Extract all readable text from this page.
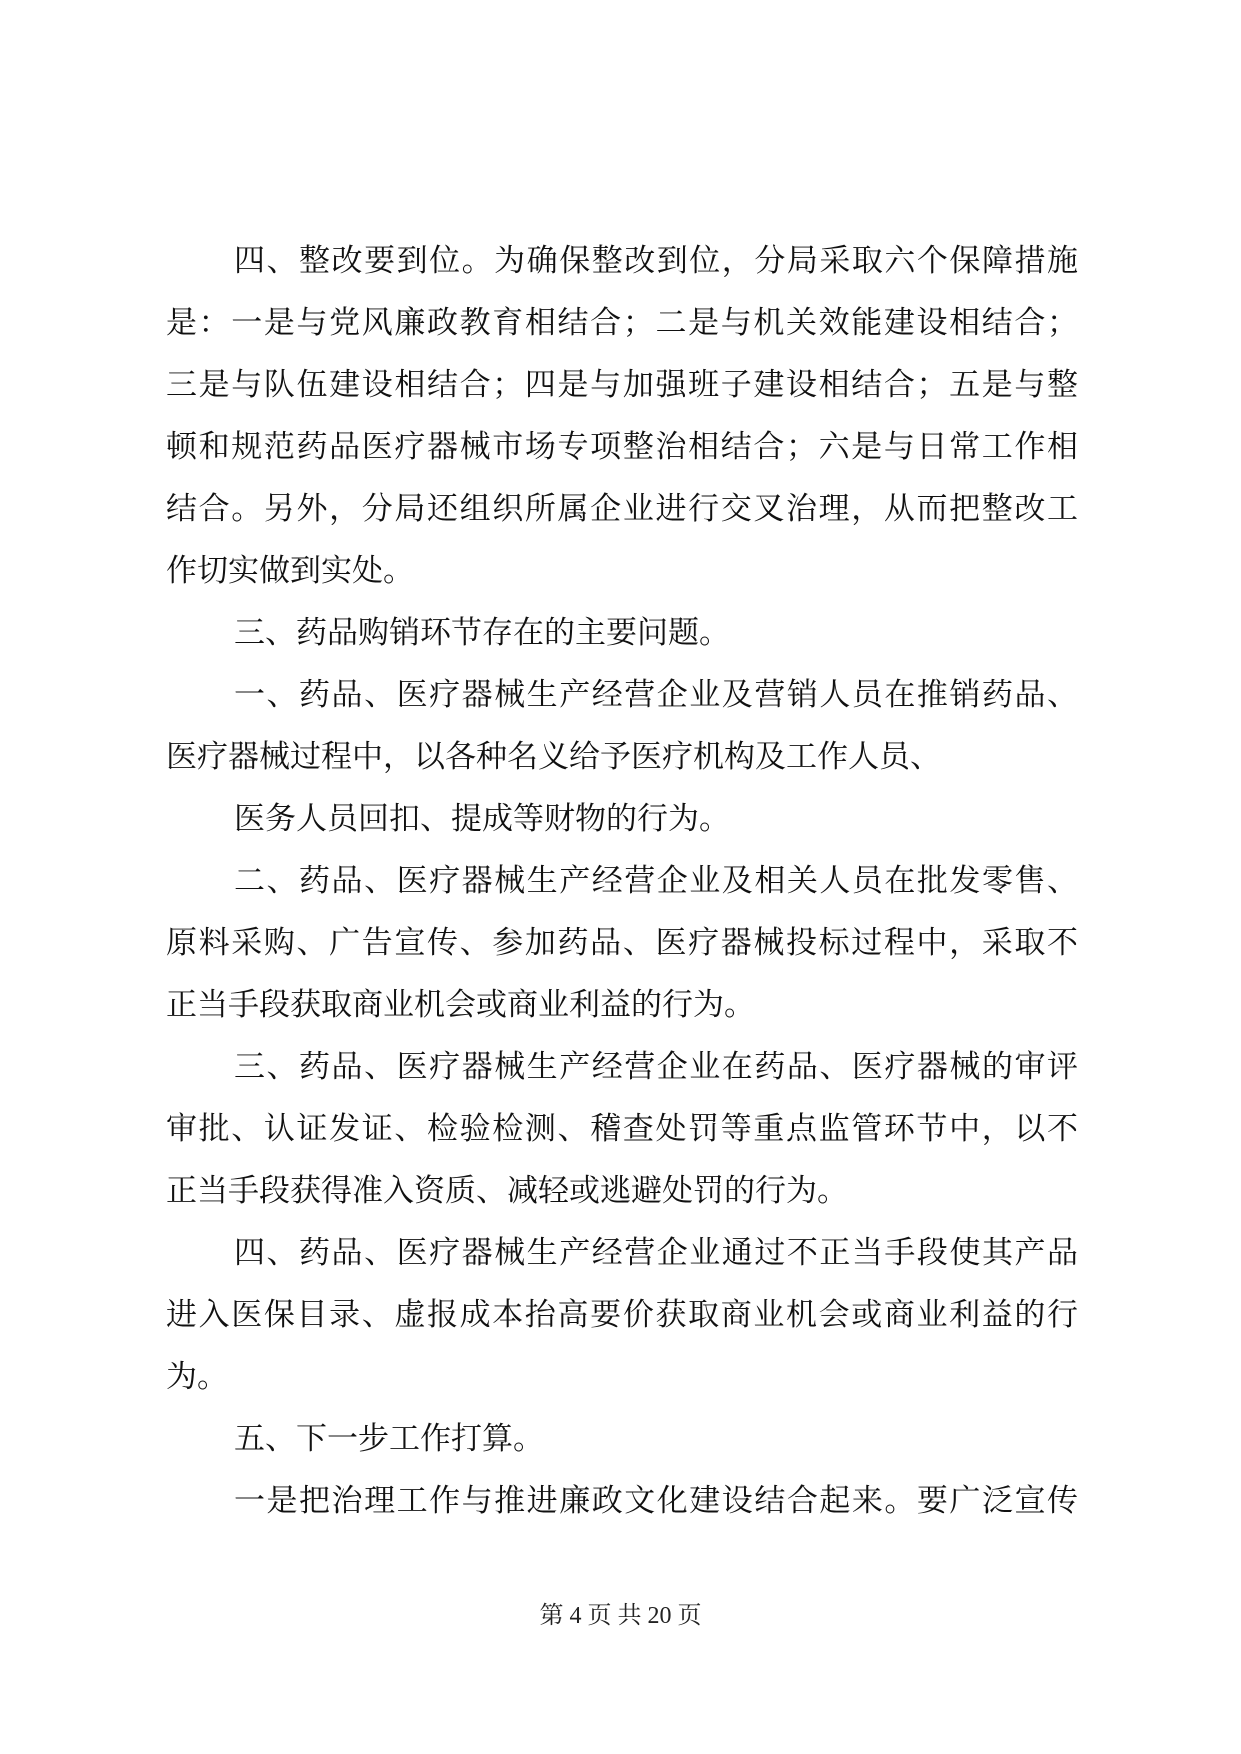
四、整改要到位。为确保整改到位，分局采取六个保障措施
是：一是与党风廉政教育相结合；二是与机关效能建设相结合；
三是与队伍建设相结合；四是与加强班子建设相结合；五是与整
顿和规范药品医疗器械市场专项整治相结合；六是与日常工作相
结合。另外，分局还组织所属企业进行交叉治理，从而把整改工
作切实做到实处。
三、药品购销环节存在的主要问题。
一、药品、医疗器械生产经营企业及营销人员在推销药品、
医疗器械过程中，以各种名义给予医疗机构及工作人员、
医务人员回扣、提成等财物的行为。
二、药品、医疗器械生产经营企业及相关人员在批发零售、
原料采购、广告宣传、参加药品、医疗器械投标过程中，采取不
正当手段获取商业机会或商业利益的行为。
三、药品、医疗器械生产经营企业在药品、医疗器械的审评
审批、认证发证、检验检测、稽查处罚等重点监管环节中，以不
正当手段获得准入资质、减轻或逃避处罚的行为。
四、药品、医疗器械生产经营企业通过不正当手段使其产品
进入医保目录、虚报成本抬高要价获取商业机会或商业利益的行
为。
五、下一步工作打算。
一是把治理工作与推进廉政文化建设结合起来。要广泛宣传
第 4 页 共 20 页
